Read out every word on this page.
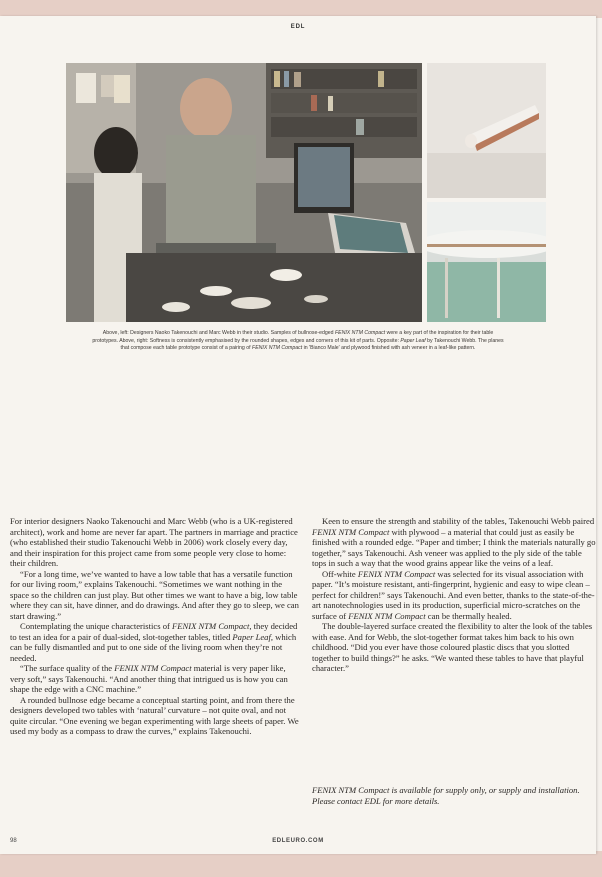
EDL
Above, left: Designers Naoko Takenouchi and Marc Webb in their studio. Samples of bullnose-edged FENIX NTM Compact were a key part of the inspiration for their table prototypes. Above, right: Softness is consistently emphasised by the rounded shapes, edges and corners of this kit of parts. Opposite: Paper Leaf by Takenouchi Webb. The planes that compose each table prototype consist of a pairing of FENIX NTM Compact in 'Bianco Male' and plywood finished with ash veneer in a leaf-like pattern.

For interior designers Naoko Takenouchi and Marc Webb (who is a UK-registered architect), work and home are never far apart. The partners in marriage and practice (who established their studio Takenouchi Webb in 2006) work closely every day, and their inspiration for this project came from some people very close to home: their children.

“For a long time, we’ve wanted to have a low table that has a versatile function for our living room,” explains Takenouchi. “Sometimes we want nothing in the space so the children can just play. But other times we want to have a big, low table where they can sit, have dinner, and do drawings. And after they go to sleep, we can start drawing.”

Contemplating the unique characteristics of FENIX NTM Compact, they decided to test an idea for a pair of dual-sided, slot-together tables, titled Paper Leaf, which can be fully dismantled and put to one side of the living room when they’re not needed.

“The surface quality of the FENIX NTM Compact material is very paper like, very soft,” says Takenouchi. “And another thing that intrigued us is how you can shape the edge with a CNC machine.”

A rounded bullnose edge became a conceptual starting point, and from there the designers developed two tables with ‘natural’ curvature – not quite oval, and not quite circular. “One evening we began experimenting with large sheets of paper. We used my body as a compass to draw the curves,” explains Takenouchi.

Keen to ensure the strength and stability of the tables, Takenouchi Webb paired FENIX NTM Compact with plywood – a material that could just as easily be finished with a rounded edge. “Paper and timber; I think the materials naturally go together,” says Takenouchi. Ash veneer was applied to the ply side of the table tops in such a way that the wood grains appear like the veins of a leaf.

Off-white FENIX NTM Compact was selected for its visual association with paper. “It’s moisture resistant, anti-fingerprint, hygienic and easy to wipe clean – perfect for children!” says Takenouchi. And even better, thanks to the state-of-the-art nanotechnologies used in its production, superficial micro-scratches on the surface of FENIX NTM Compact can be thermally healed.

The double-layered surface created the flexibility to alter the look of the tables with ease. And for Webb, the slot-together format takes him back to his own childhood. “Did you ever have those coloured plastic discs that you slotted together to build things?” he asks. “We wanted these tables to have that playful character.”

FENIX NTM Compact is available for supply only, or supply and installation. Please contact EDL for more details.
98	EDLEURO.COM
